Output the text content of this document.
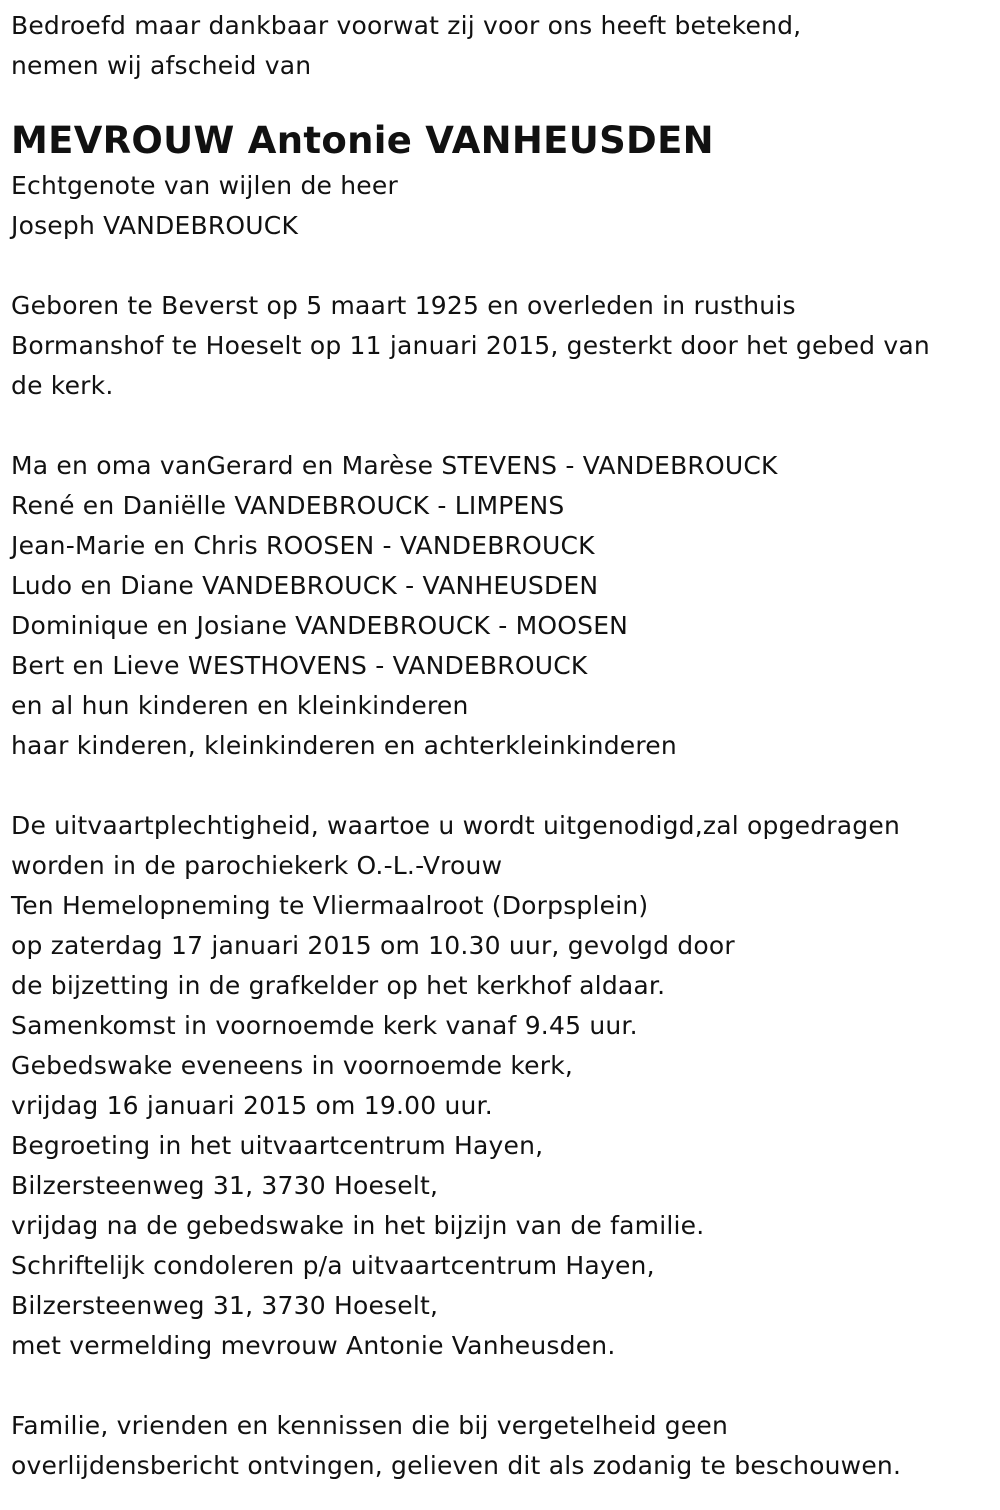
Bedroefd maar dankbaar voorwat zij voor ons heeft betekend,
nemen wij afscheid van
MEVROUW Antonie VANHEUSDEN
Echtgenote van wijlen de heer
Joseph VANDEBROUCK
Geboren te Beverst op 5 maart 1925 en overleden in rusthuis
Bormanshof te Hoeselt op 11 januari 2015, gesterkt door het gebed van
de kerk.
Ma en oma vanGerard en Marèse STEVENS - VANDEBROUCK
René en Daniëlle VANDEBROUCK - LIMPENS
Jean-Marie en Chris ROOSEN - VANDEBROUCK
Ludo en Diane VANDEBROUCK - VANHEUSDEN
Dominique en Josiane VANDEBROUCK - MOOSEN
Bert en Lieve WESTHOVENS - VANDEBROUCK
en al hun kinderen en kleinkinderen
haar kinderen, kleinkinderen en achterkleinkinderen
De uitvaartplechtigheid, waartoe u wordt uitgenodigd,zal opgedragen
worden in de parochiekerk O.-L.-Vrouw
Ten Hemelopneming te Vliermaalroot (Dorpsplein)
op zaterdag 17 januari 2015 om 10.30 uur, gevolgd door
de bijzetting in de grafkelder op het kerkhof aldaar.
Samenkomst in voornoemde kerk vanaf 9.45 uur.
Gebedswake eveneens in voornoemde kerk,
vrijdag 16 januari 2015 om 19.00 uur.
Begroeting in het uitvaartcentrum Hayen,
Bilzersteenweg 31, 3730 Hoeselt,
vrijdag na de gebedswake in het bijzijn van de familie.
Schriftelijk condoleren p/a uitvaartcentrum Hayen,
Bilzersteenweg 31, 3730 Hoeselt,
met vermelding mevrouw Antonie Vanheusden.
Familie, vrienden en kennissen die bij vergetelheid geen
overlijdensbericht ontvingen, gelieven dit als zodanig te beschouwen.
